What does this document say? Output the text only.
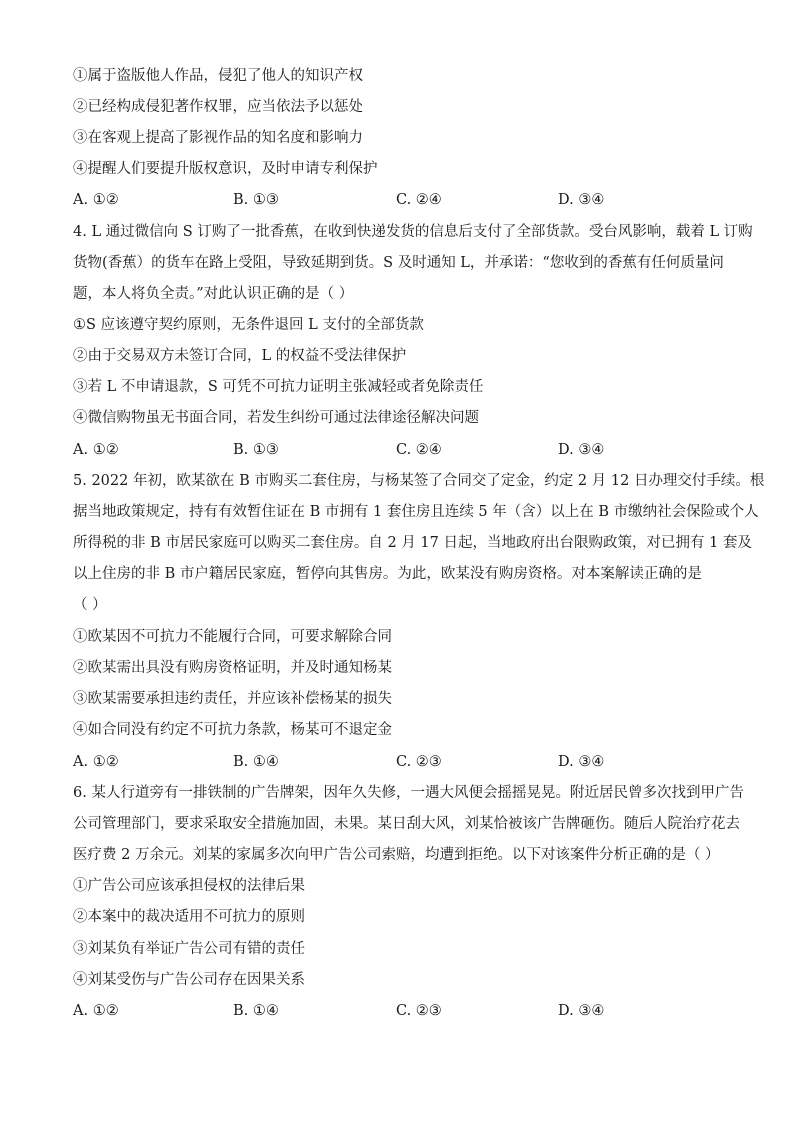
①属于盗版他人作品，侵犯了他人的知识产权
②已经构成侵犯著作权罪，应当依法予以惩处
③在客观上提高了影视作品的知名度和影响力
④提醒人们要提升版权意识，及时申请专利保护
A. ①②	B. ①③	C. ②④	D. ③④
4. L 通过微信向 S 订购了一批香蕉，在收到快递发货的信息后支付了全部货款。受台风影响，载着 L 订购
货物(香蕉）的货车在路上受阻，导致延期到货。S 及时通知 L，并承诺：“您收到的香蕉有任何质量问
题，本人将负全责。”对此认识正确的是（ ）
①S 应该遵守契约原则，无条件退回 L 支付的全部货款
②由于交易双方未签订合同，L 的权益不受法律保护
③若 L 不申请退款，S 可凭不可抗力证明主张减轻或者免除责任
④微信购物虽无书面合同，若发生纠纷可通过法律途径解决问题
A. ①②	B. ①③	C. ②④	D. ③④
5. 2022 年初，欧某欲在 B 市购买二套住房，与杨某签了合同交了定金，约定 2 月 12 日办理交付手续。根
据当地政策规定，持有有效暂住证在 B 市拥有 1 套住房且连续 5 年（含）以上在 B 市缴纳社会保险或个人
所得税的非 B 市居民家庭可以购买二套住房。自 2 月 17 日起，当地政府出台限购政策，对已拥有 1 套及
以上住房的非 B 市户籍居民家庭，暂停向其售房。为此，欧某没有购房资格。对本案解读正确的是
（ ）
①欧某因不可抗力不能履行合同，可要求解除合同
②欧某需出具没有购房资格证明，并及时通知杨某
③欧某需要承担违约责任，并应该补偿杨某的损失
④如合同没有约定不可抗力条款，杨某可不退定金
A. ①②	B. ①④	C. ②③	D. ③④
6. 某人行道旁有一排铁制的广告牌架，因年久失修，一遇大风便会摇摇晃晃。附近居民曾多次找到甲广告
公司管理部门，要求采取安全措施加固，未果。某日刮大风，刘某恰被该广告牌砸伤。随后人院治疗花去
医疗费 2 万余元。刘某的家属多次向甲广告公司索赔，均遭到拒绝。以下对该案件分析正确的是（ ）
①广告公司应该承担侵权的法律后果
②本案中的裁决适用不可抗力的原则
③刘某负有举证广告公司有错的责任
④刘某受伤与广告公司存在因果关系
A. ①②	B. ①④	C. ②③	D. ③④
